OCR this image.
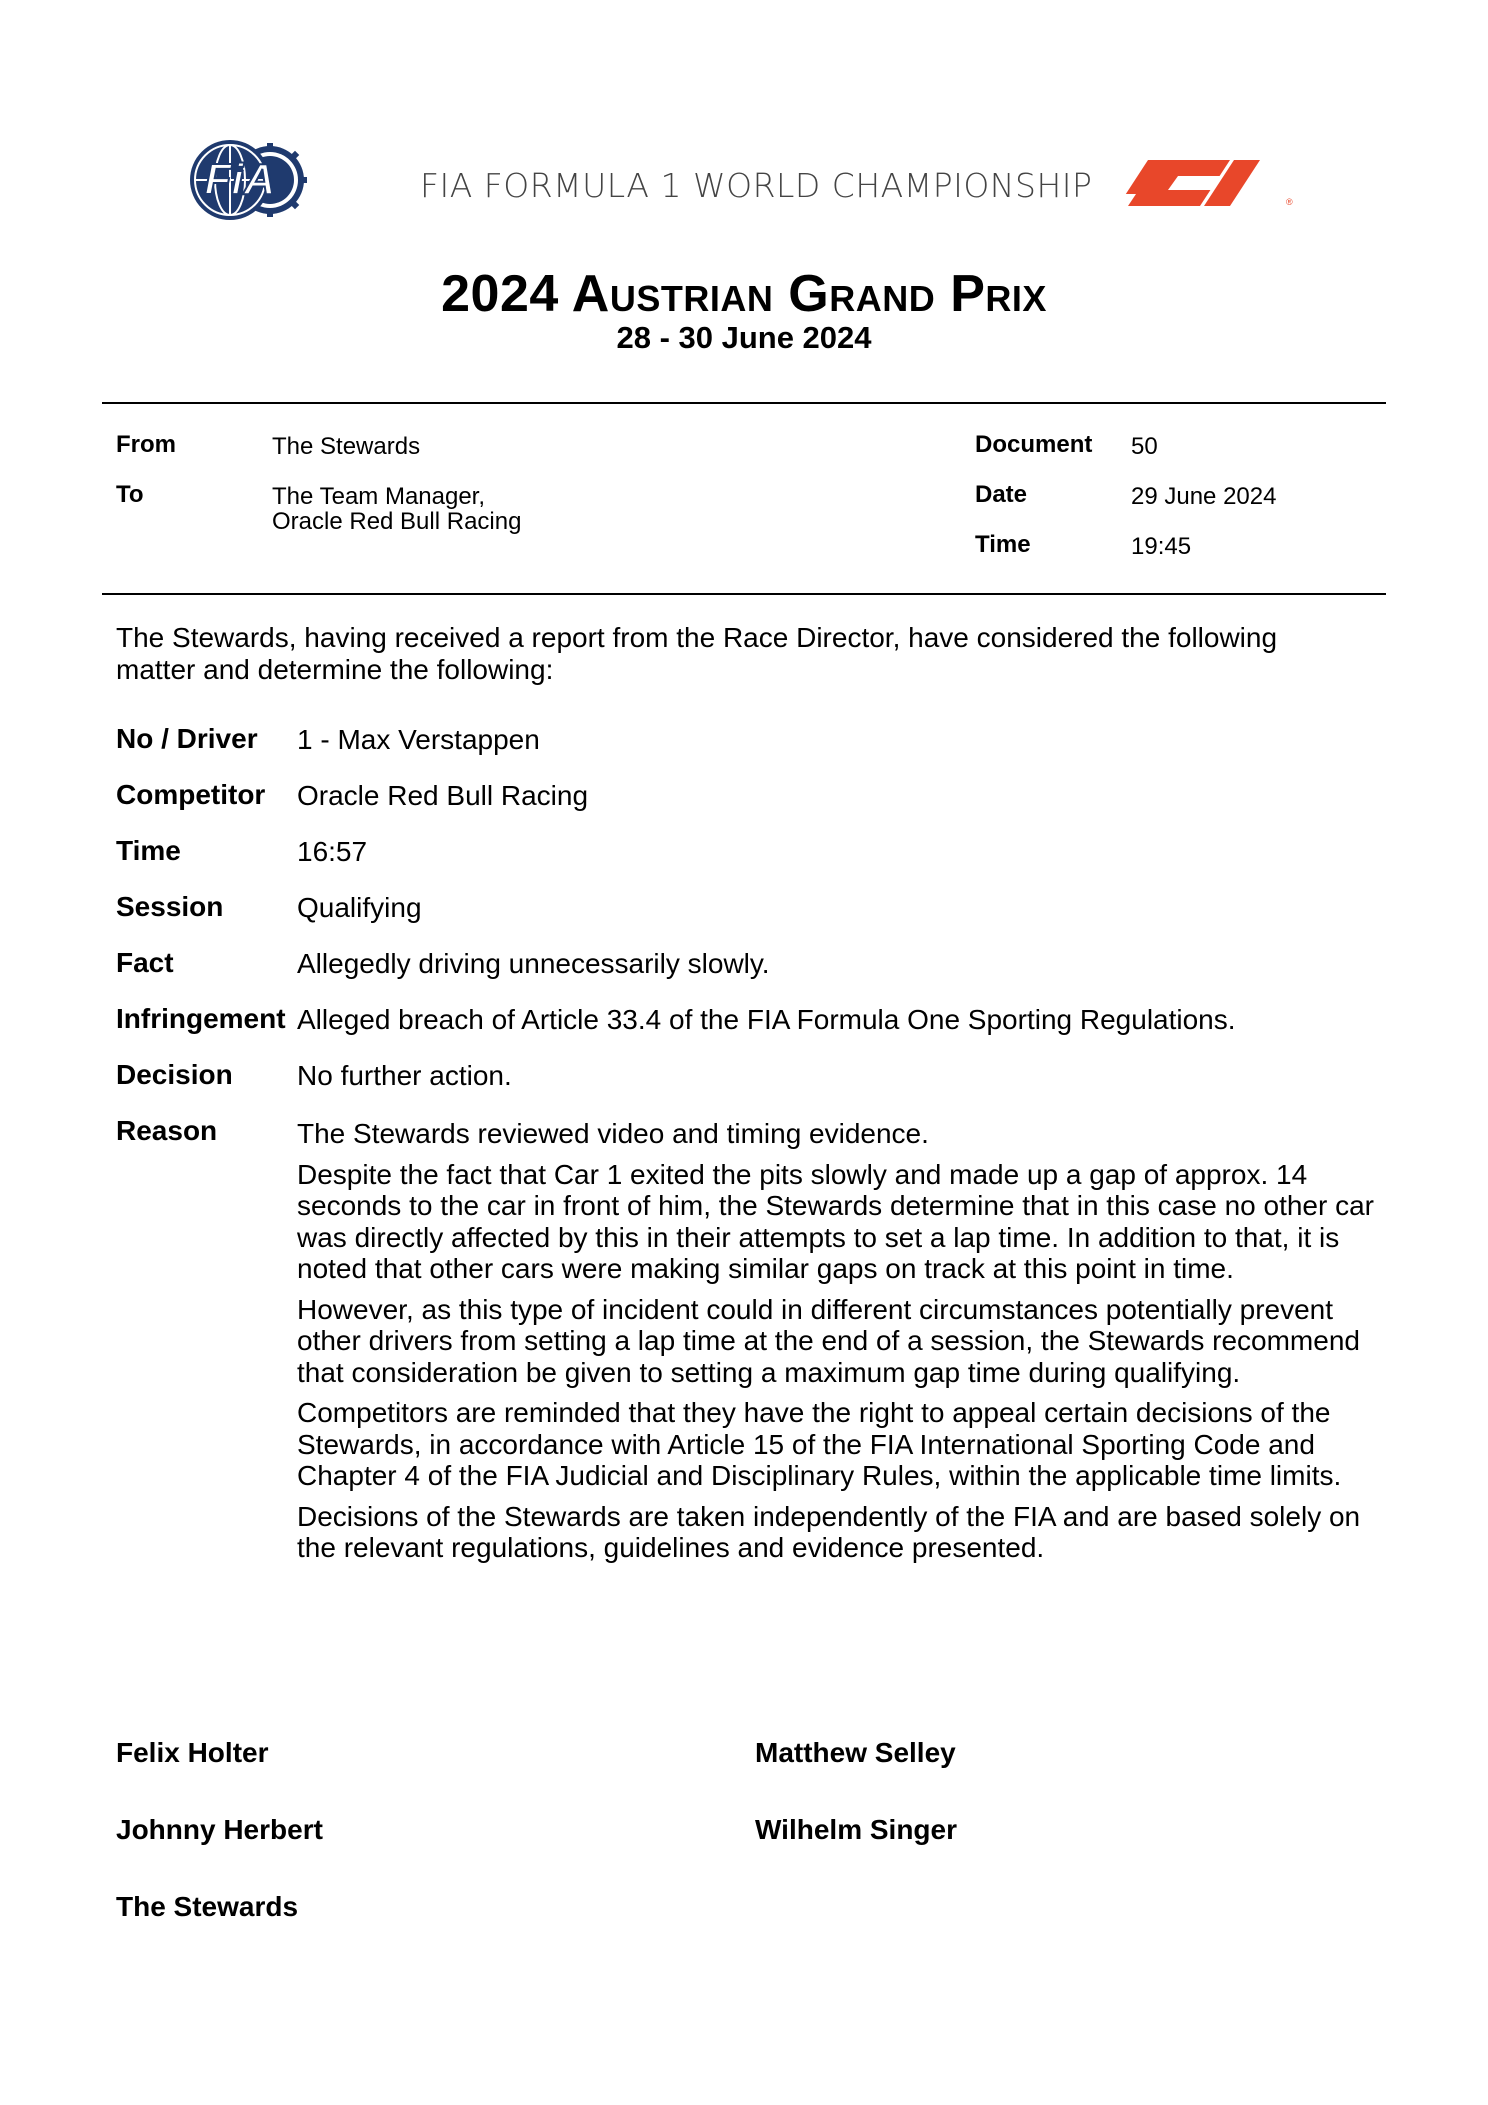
FiA	FIA FORMULA 1 WORLD CHAMPIONSHIP	®
2024 Austrian Grand Prix
28 - 30 June 2024
From	The Stewards
To	The Team Manager,
Oracle Red Bull Racing
Document 50
Date	29 June 2024
Time	19:45
The Stewards, having received a report from the Race Director, have considered the following matter and determine the following:
No / Driver 1 - Max Verstappen
Competitor Oracle Red Bull Racing
Time	16:57
Session	Qualifying
Fact	Allegedly driving unnecessarily slowly.
Infringement Alleged breach of Article 33.4 of the FIA Formula One Sporting Regulations.
Decision No further action.
Reason	The Stewards reviewed video and timing evidence.

Despite the fact that Car 1 exited the pits slowly and made up a gap of approx. 14 seconds to the car in front of him, the Stewards determine that in this case no other car was directly affected by this in their attempts to set a lap time. In addition to that, it is noted that other cars were making similar gaps on track at this point in time.

However, as this type of incident could in different circumstances potentially prevent other drivers from setting a lap time at the end of a session, the Stewards recommend that consideration be given to setting a maximum gap time during qualifying.

Competitors are reminded that they have the right to appeal certain decisions of the Stewards, in accordance with Article 15 of the FIA International Sporting Code and Chapter 4 of the FIA Judicial and Disciplinary Rules, within the applicable time limits.

Decisions of the Stewards are taken independently of the FIA and are based solely on the relevant regulations, guidelines and evidence presented.

Felix Holter	Matthew Selley
Johnny Herbert	Wilhelm Singer
The Stewards
